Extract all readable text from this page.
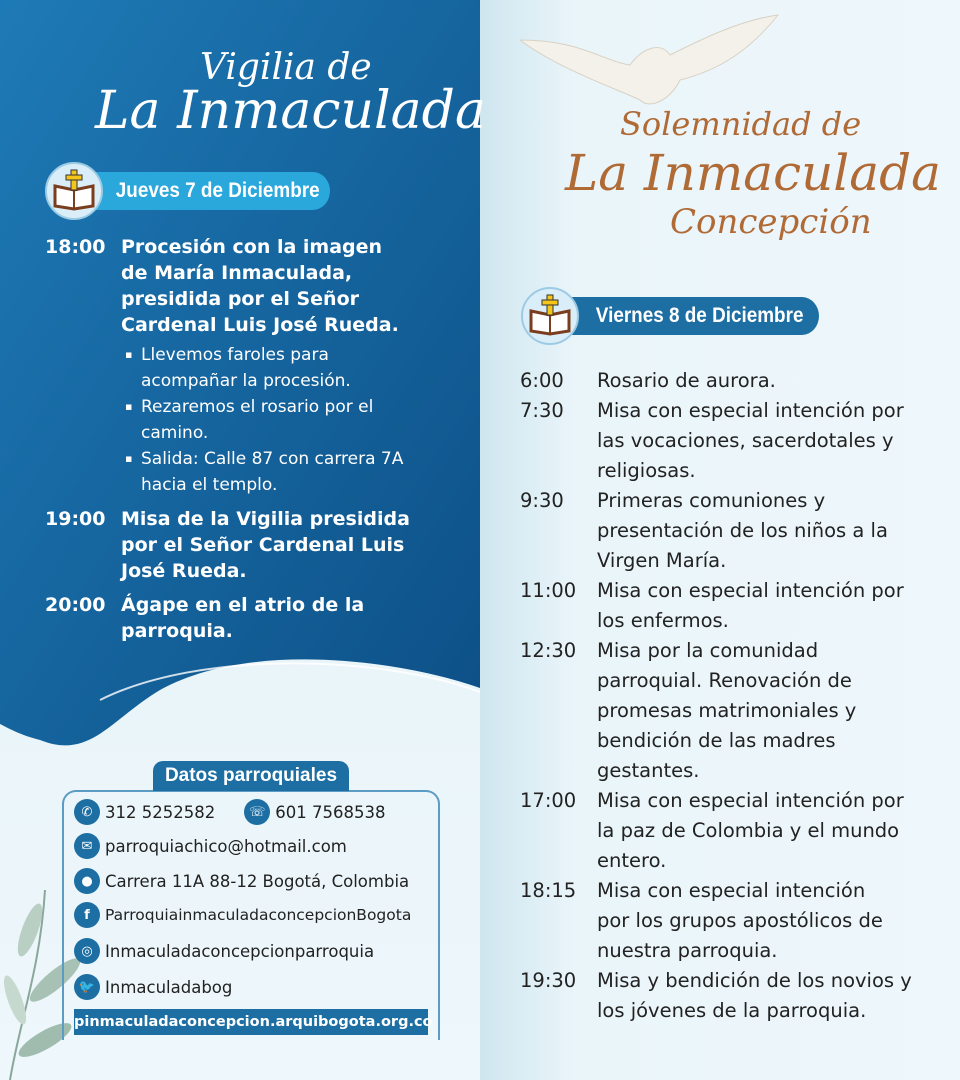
Vigilia de
La Inmaculada	Solemnidad de
La Inmaculada
Concepción
Jueves 7 de Diciembre
Viernes 8 de Diciembre
18:00 Procesión con la imagen de María Inmaculada, presidida por el Señor Cardenal Luis José Rueda.
▪ Llevemos faroles para acompañar la procesión.
▪ Rezaremos el rosario por el camino.
▪ Salida: Calle 87 con carrera 7A hacia el templo.
19:00 Misa de la Vigilia presidida por el Señor Cardenal Luis José Rueda.
20:00 Ágape en el atrio de la parroquia.
6:00	Rosario de aurora.
7:30	Misa con especial intención por las vocaciones, sacerdotales y religiosas.
9:30	Primeras comuniones y presentación de los niños a la Virgen María.
11:00	Misa con especial intención por los enfermos.
12:30	Misa por la comunidad parroquial. Renovación de promesas matrimoniales y bendición de las madres gestantes.
17:00	Misa con especial intención por la paz de Colombia y el mundo entero.
18:15	Misa con especial intención por los grupos apostólicos de nuestra parroquia.
19:30	Misa y bendición de los novios y los jóvenes de la parroquia.
Datos parroquiales
✆ 312 5252582	☏ 601 7568538
✉ parroquiachico@hotmail.com
● Carrera 11A 88-12 Bogotá, Colombia
f ParroquiainmaculadaconcepcionBogota
◎ Inmaculadaconcepcionparroquia
🐦 Inmaculadabog
pinmaculadaconcepcion.arquibogota.org.co
